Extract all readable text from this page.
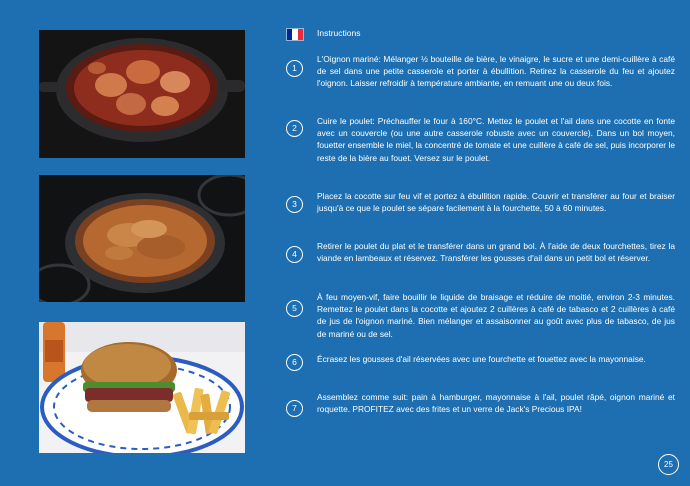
Instructions
1
L'Oignon mariné: Mélanger ½ bouteille de bière, le vinaigre, le sucre et une demi-cuillère à café de sel dans une petite casserole et porter à ébullition. Retirez la casserole du feu et ajoutez l'oignon. Laisser refroidir à température ambiante, en remuant une ou deux fois.
2
Cuire le poulet: Préchauffer le four à 160°C. Mettez le poulet et l'ail dans une cocotte en fonte avec un couvercle (ou une autre casserole robuste avec un couvercle). Dans un bol moyen, fouetter ensemble le miel, la concentré de tomate et une cuillère à café de sel, puis incorporer le reste de la bière au fouet. Versez sur le poulet.
3
Placez la cocotte sur feu vif et portez à ébullition rapide. Couvrir et transférer au four et braiser jusqu'à ce que le poulet se sépare facilement à la fourchette, 50 à 60 minutes.
4
Retirer le poulet du plat et le transférer dans un grand bol. À l'aide de deux fourchettes, tirez la viande en lambeaux et réservez. Transférer les gousses d'ail dans un petit bol et réserver.
5
À feu moyen-vif, faire bouillir le liquide de braisage et réduire de moitié, environ 2-3 minutes. Remettez le poulet dans la cocotte et ajoutez 2 cuillères à café de tabasco et 2 cuillères à café de jus de l'oignon mariné. Bien mélanger et assaisonner au goût avec plus de tabasco, de jus de mariné ou de sel.
6	Écrasez les gousses d'ail réservées avec une fourchette et fouettez avec la mayonnaise.
7
Assemblez comme suit: pain à hamburger, mayonnaise à l'ail, poulet râpé, oignon mariné et roquette. PROFITEZ avec des frites et un verre de Jack's Precious IPA!
25
